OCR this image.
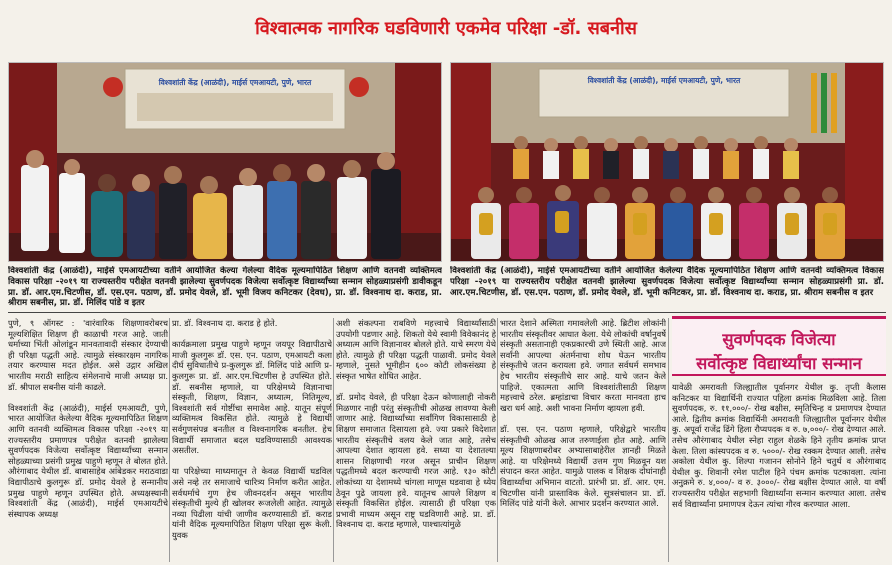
विश्वात्मक नागरिक घडविणारी एकमेव परिक्षा -डॉ. सबनीस
विश्वशांती केंद्र (आळंदी), माईर्स एमआयटी, पुणे, भारत	विश्वशांती केंद्र (आळंदी), माईर्स एमआयटी, पुणे, भारत
विश्वशांती केंद्र (आळंदी), माईर्स एमआयटीच्या वतीने आयोजित केल्या गेलेल्या वैदिक मूल्यमापिठित शिक्षण आणि वतनवी व्यक्तिमत्व विकास परिक्षा -२०१९ या राज्यस्तरीय परीक्षेत वतनवी झालेल्या सुवर्णपदक विजेत्या सर्वोत्कृष्ट विद्यार्थ्यांच्या सन्मान सोहळ्याप्रसंगी डावीकडून प्रा. डॉ. आर.एम.चिटणीस, डॉ. एस.एन. पठाण, डॉ. प्रमोद येवले, डॉ. भूमी विजय कनिटकर (देवध), प्रा. डॉ. विश्वनाथ दा. कराड, प्रा. श्रीराम सबनीस, प्रा. डॉ. मिलिंद पांडे व इतर
विश्वशांती केंद्र (आळंदी), माईर्स एमआयटीच्या वतीने आयोजित केलेल्या वैदिक मूल्यमापिठित शिक्षण आणि वतनवी व्यक्तिमत्व विकास परिक्षा -२०१९ या राज्यस्तरीय परीक्षेत वतनवी झालेल्या सुवर्णपदक विजेत्या सर्वोत्कृष्ट विद्यार्थ्यांच्या सन्मान सोहळ्याप्रसंगी प्रा. डॉ. आर.एम.चिटणीस, डॉ. एस.एन. पठाण, डॉ. प्रमोद येवले, डॉ. भूमी कनिटकर, प्रा. डॉ. विश्वनाथ दा. कराड, प्रा. श्रीराम सबनीस व इतर

पुणे, ९ ऑगस्ट : 'वारंवारिक शिक्षणावरोबरच मूल्यशिक्षित शिक्षण ही काळाची गरज आहे. जाती धर्माच्या भिंती ओलांडून मानवतावादी संस्कार देण्याची ही परिक्षा पद्धती आहे. त्यामुळे संस्कारक्षम नागरिक तयार करण्यास मदत होईल. असे उद्गार अखिल भारतीय मराठी साहित्य संमेलनाचे माजी अध्यक्ष प्रा. डॉ. श्रीपाल सबनीस यांनी काढले.

विश्वशांती केंद्र (आळंदी), माईर्स एमआयटी, पुणे, भारत आयोजित केलेल्या वैदिक मूल्यमापिठित शिक्षण आणि वतनवी व्यक्तिमत्व विकास परिक्षा -२०१९ या राज्यस्तरीय प्रमाणपत्र परीक्षेत वतनवी झालेल्या सुवर्णपदक विजेत्या सर्वोत्कृष्ट विद्यार्थ्यांच्या सन्मान सोहळ्याच्या प्रसंगी प्रमुख पाहुणे म्हणून ते बोलत होते. औरंगाबाद येथील डॉ. बाबासाहेब आंबेडकर मराठवाडा विद्यापीठाचे कुलगुरू डॉ. प्रमोद येवले हे सन्मानीय प्रमुख पाहुणे म्हणून उपस्थित होते. अध्यक्षस्थानी विश्वशांती केंद्र (आळंदी), माईर्स एमआयटीचे संस्थापक अध्यक्ष

प्रा. डॉ. विश्वनाथ दा. कराड हे होते.

कार्यक्रमाला प्रमुख पाहुणे म्हणून जयपूर विद्यापीठाचे माजी कुलगुरू डॉ. एस. एन. पठाण, एमआयटी कला दीर्घ सुविधातीचे प्र-कुलगुरू डॉ. मिलिंद पांडे आणि प्र-कुलगुरू प्रा. डॉ. आर.एम.चिटणीस हे उपस्थित होते. डॉ. सबनीस म्हणाले, या परिक्षेमध्ये विज्ञानाचा संस्कृती, शिक्षण, विज्ञान, अध्यात्म, नितिमूल्य, विश्वशांती सर्व गोष्टींचा समावेश आहे. यातून संपूर्ण व्यक्तिमत्व विकसित होते. त्यामुळे हे विद्यार्थी सर्वगुणसंपन्न बनतील व विश्वनागरिक बनतील. हेच विद्यार्थी समाजात बदल घडविण्यासाठी आवश्यक असतील.

या परिक्षेच्या माध्यमातून ते केवळ विद्यार्थी घडविल असे नव्हे तर समाजाचे चारित्र्य निर्माण करीत आहेत. सर्वधर्माचे गुण हेच जीवनदर्शन असून भारतीय संस्कृतीची मुल्ये ही खोलवर रूजलेली आहेत. त्यामुळे नव्या पिढीला यांची जाणीव करण्यासाठी डॉ. कराड यांनी वैदिक मूल्यमापिठित शिक्षण परिक्षा सुरू केली. युवक

अशी संकल्पना राबविणे महत्त्वाचे विद्यार्थ्यांसाठी उपयोगी पडणार आहे. शिकतो येथे स्वामी विवेकानंद हे अध्यात्म आणि विज्ञानावर बोलले होते. याचे स्मरण येथे होते. त्यामुळे ही परिक्षा पद्धती पाळावी. प्रमोद येवले म्हणाले, नुसते भूमीहीन ६०० कोटी लोकसंख्या हे संस्कृत भाषेत शोधित आहेत.

डॉ. प्रमोद येवले, ही परिक्षा देऊन कोणालाही नोकरी मिळणार नाही परंतु संस्कृतीची ओळख लावण्या केली जाणार आहे. विद्यार्थ्यांच्या सर्वांगिण विकासासाठी हे शिक्षण समाजात दिसायला हवे. ज्या प्रकारे विदेशात भारतीय संस्कृतीचे वलय केले जात आहे, तसेच आपल्या देशात व्हायला हवे. सध्या या देशातल्या शासन शिक्षणाची गरज असून प्राचीन शिक्षण पद्धतीमध्ये बदल करण्याची गरज आहे. १३० कोटी लोकांच्या या देशामध्ये चांगला माणूस घडवावा हे ध्येय ठेवून पुढे जायला हवे. यातूनच आपले शिक्षण व संस्कृती विकसित होईल. त्यासाठी ही परिक्षा एक प्रभावी माध्यम असून राष्ट्र घडविणारी आहे. प्रा. डॉ. विश्वनाथ दा. कराड म्हणाले, पाश्चात्यांमुळे

भारत देशाने अस्मिता गमावलेली आहे. ब्रिटीश लोकांनी भारतीय संस्कृतीवर आघात केला. येथे लोकांची वर्षानुवर्षे संस्कृती असतानाही एकप्रकारची उणे स्थिती आहे. आज सर्वांनी आपल्या अंतर्मनाचा शोध घेऊन भारतीय संस्कृतीचे जतन करायला हवे. जगात सर्वधर्म समभाव हेच भारतीय संस्कृतीचे सार आहे. याचे जतन केले पाहिजे. एकात्मता आणि विश्वशांतीसाठी शिक्षण महत्त्वाचे ठरेल. ब्रम्हांडाचा विचार करता मानवता हाच खरा धर्म आहे. अशी भावना निर्माण व्हायला हवी.

डॉ. एस. एन. पठाण म्हणाले, परिक्षेद्वारे भारतीय संस्कृतीची ओळख आज तरुणाईला होत आहे. आणि मूल्य शिक्षणाबरोबर अभ्यासाबाहेरील ज्ञानही मिळते आहे. या परिक्षेमध्ये विद्यार्थी उत्तम गुण मिळवून यश संपादन करत आहेत. यामुळे पालक व शिक्षक दोघांनाही विद्यार्थ्यांचा अभिमान वाटतो. प्रारंभी प्रा. डॉ. आर. एम. चिटणीस यांनी प्रास्ताविक केले. सूत्रसंचालन प्रा. डॉ. मिलिंद पांडे यांनी केले. आभार प्रदर्शन करण्यात आले.

सुवर्णपदक विजेत्या
सर्वोत्कृष्ट विद्यार्थ्यांचा सन्मान
यावेळी अमरावती जिल्ह्यातील पूर्वानगर येथील कु. तृप्ती कैलास कनिटकर या विद्यार्थिनी राज्यात पहिला क्रमांक मिळविला आहे. तिला सुवर्णपदक, रु. ११,०००/- रोख बक्षीस, स्मृतिचिन्ह व प्रमाणपत्र देण्यात आले. द्वितीय क्रमांक विद्यार्थिनी अमरावती जिल्ह्यातील पूर्वानगर येथील कु. अपूर्वा राजेंद्र ढिंगे हिला रौप्यपदक व रु. ७,०००/- रोख देण्यात आले. तसेच औरंगाबाद येथील स्नेहा राहुल शेळके हिने तृतीय क्रमांक प्राप्त केला. तिला कांस्यपदक व रु. ५०००/- रोख रक्कम देण्यात आली. तसेच अकोला येथील कु. शिल्पा गजानन सोनोने हिने चतुर्थ व औरंगाबाद येथील कु. शिवानी रमेश पाटील हिने पंचम क्रमांक पटकावला. त्यांना अनुक्रमे रु. ४,०००/- व रु. ३०००/- रोख बक्षीस देण्यात आले. या वर्षी राज्यस्तरीय परीक्षेत सहभागी विद्यार्थ्यांना सन्मान करण्यात आला. तसेच सर्व विद्यार्थ्यांना प्रमाणपत्र देऊन त्यांचा गौरव करण्यात आला.
